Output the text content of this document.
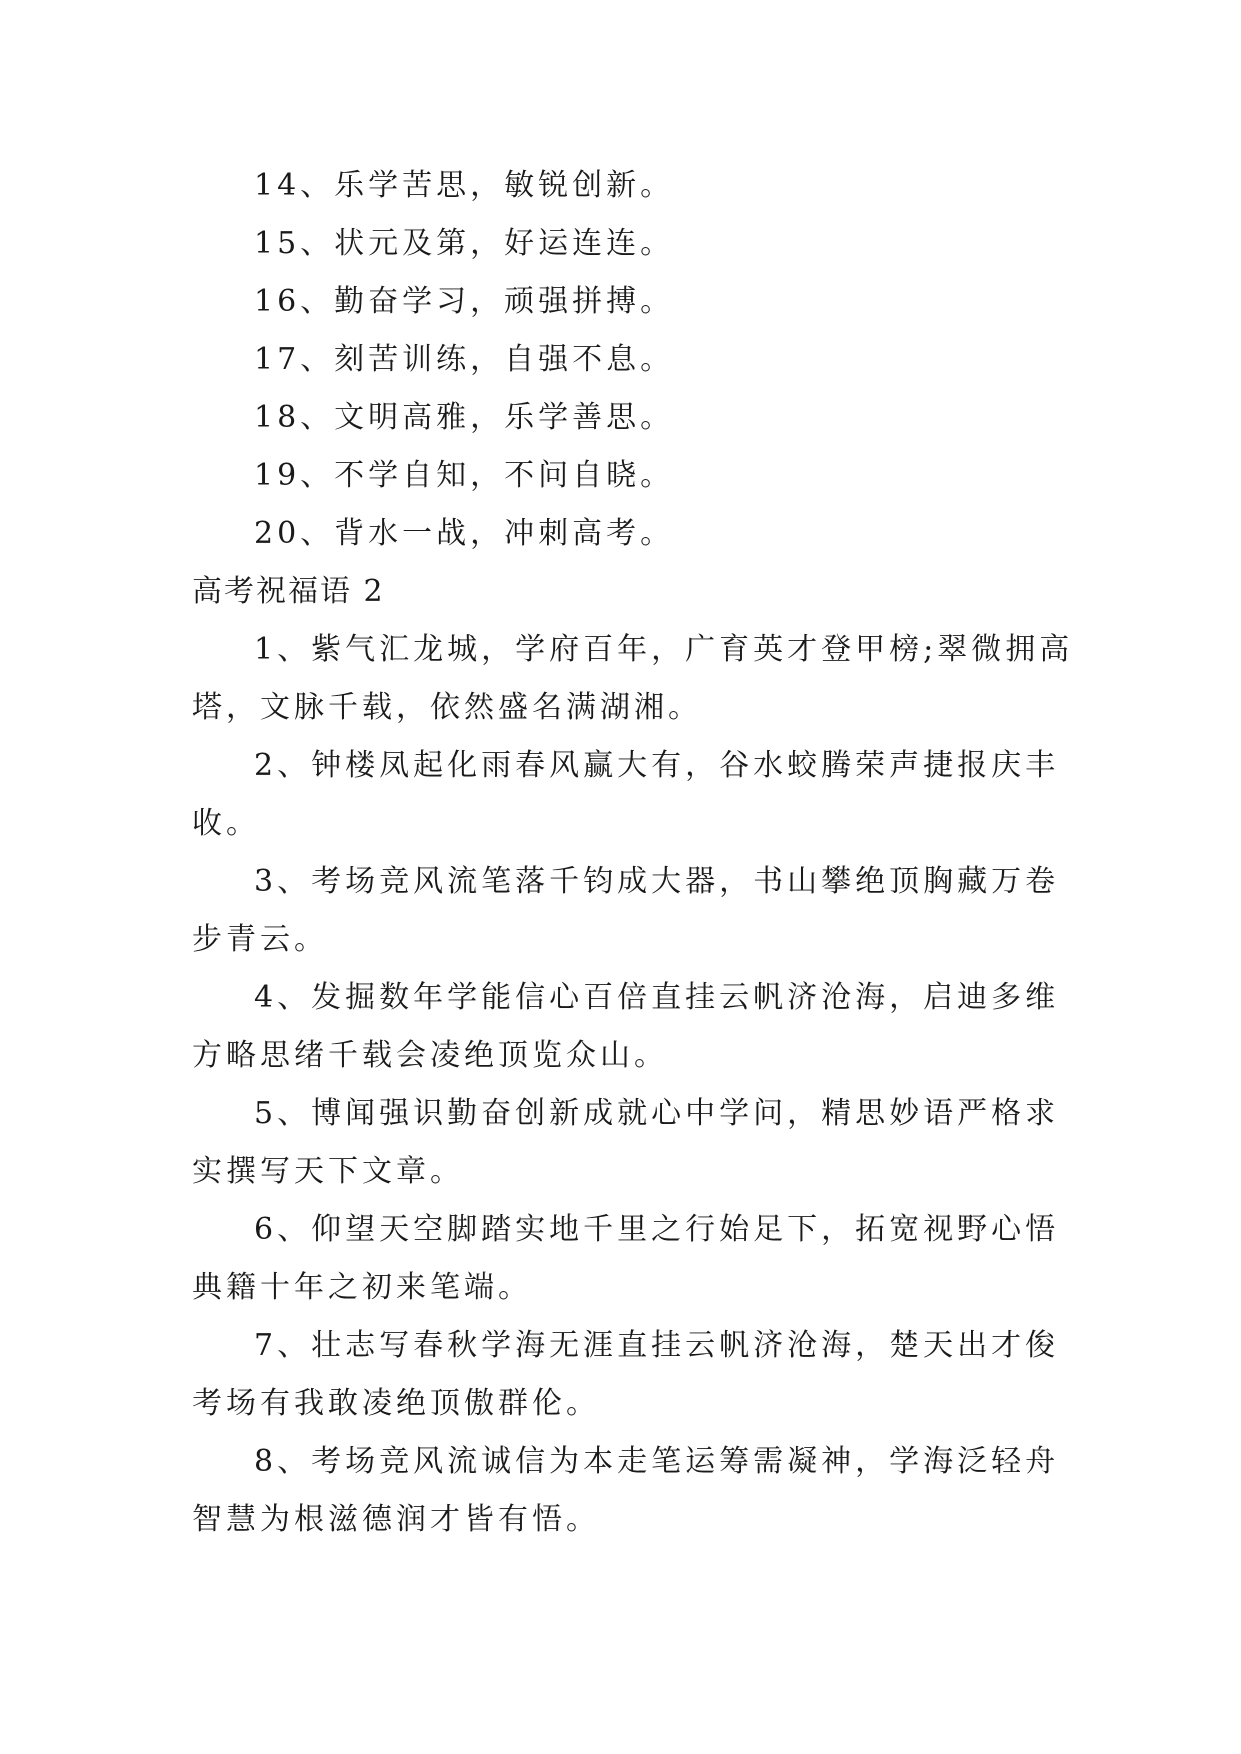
14、乐学苦思，敏锐创新。
15、状元及第，好运连连。
16、勤奋学习，顽强拼搏。
17、刻苦训练，自强不息。
18、文明高雅，乐学善思。
19、不学自知，不问自晓。
20、背水一战，冲刺高考。
高考祝福语 2
1、紫气汇龙城，学府百年，广育英才登甲榜;翠微拥高
塔，文脉千载，依然盛名满湖湘。
2、钟楼凤起化雨春风赢大有，谷水蛟腾荣声捷报庆丰
收。
3、考场竞风流笔落千钧成大器，书山攀绝顶胸藏万卷
步青云。
4、发掘数年学能信心百倍直挂云帆济沧海，启迪多维
方略思绪千载会凌绝顶览众山。
5、博闻强识勤奋创新成就心中学问，精思妙语严格求
实撰写天下文章。
6、仰望天空脚踏实地千里之行始足下，拓宽视野心悟
典籍十年之初来笔端。
7、壮志写春秋学海无涯直挂云帆济沧海，楚天出才俊
考场有我敢凌绝顶傲群伦。
8、考场竞风流诚信为本走笔运筹需凝神，学海泛轻舟
智慧为根滋德润才皆有悟。
